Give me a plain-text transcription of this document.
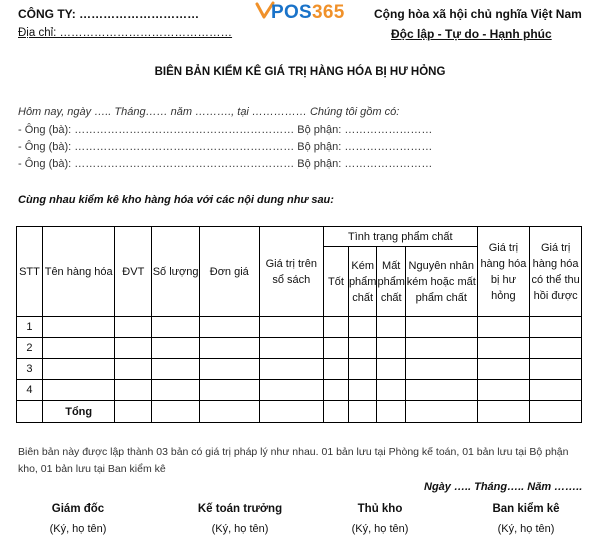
CÔNG TY: …………………………
Địa chỉ: ………………………………………
POS365 Cộng hòa xã hội chủ nghĩa Việt Nam
Độc lập - Tự do - Hạnh phúc
BIÊN BẢN KIỂM KÊ GIÁ TRỊ HÀNG HÓA BỊ HƯ HỎNG
Hôm nay, ngày ….. Tháng…… năm ………., tại …………… Chúng tôi gồm có:
- Ông (bà): …………………………………………………… Bộ phận: ……………………
- Ông (bà): …………………………………………………… Bộ phận: ……………………
- Ông (bà): …………………………………………………… Bộ phận: ……………………
Cùng nhau kiểm kê kho hàng hóa với các nội dung như sau:
STT	Tên hàng hóa	ĐVT	Số lượng	Đơn giá	Giá trị trên sổ sách	Tình trạng phẩm chất				Giá trị hàng hóa bị hư hỏng	Giá trị hàng hóa có thể thu hồi được
						Tốt	Kém phẩm chất	Mất phẩm chất	Nguyên nhân kém hoặc mất phẩm chất		
1											
2											
3											
4											
	Tổng										
Biên bản này được lập thành 03 bản có giá trị pháp lý như nhau. 01 bản lưu tại Phòng kế toán, 01 bản lưu tại Bộ phận
kho, 01 bản lưu tại Ban kiểm kê
Ngày ….. Tháng….. Năm ……..
Giám đốc
(Ký, họ tên)
Kế toán trưởng
(Ký, họ tên)
Thủ kho
(Ký, họ tên)
Ban kiểm kê
(Ký, họ tên)
